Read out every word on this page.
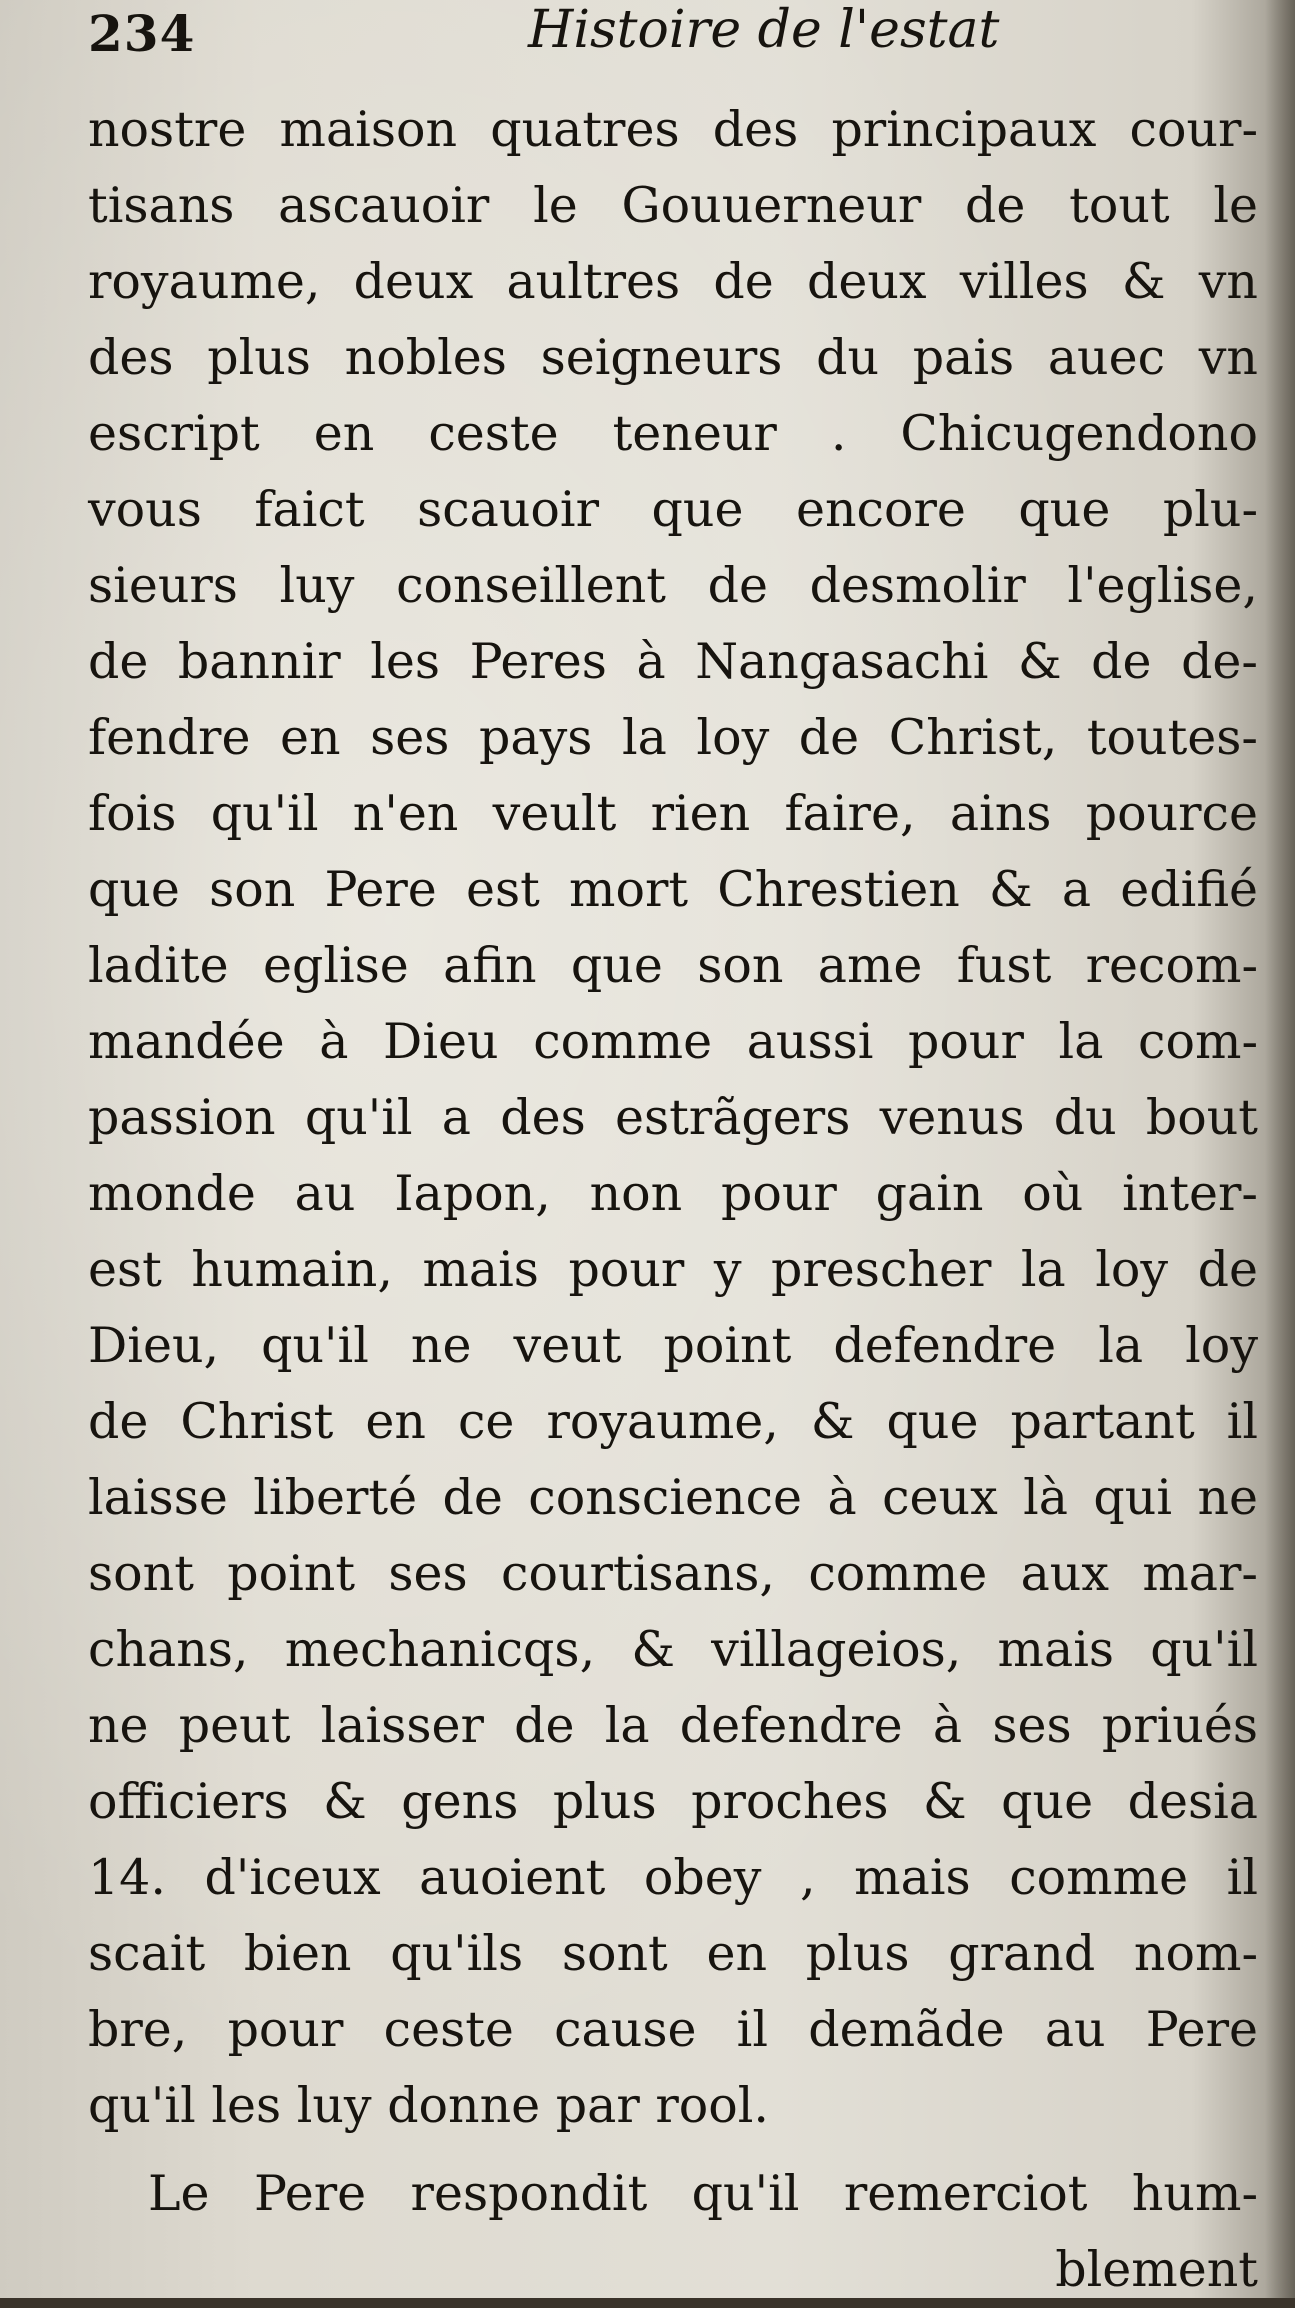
234	Histoire de l'estat
nostre maison quatres des principaux cour-
tisans ascauoir le Gouuerneur de tout le
royaume, deux aultres de deux villes & vn
des plus nobles seigneurs du pais auec vn
escript en ceste teneur . Chicugendono
vous faict scauoir que encore que plu-
sieurs luy conseillent de desmolir l'eglise,
de bannir les Peres à Nangasachi & de de-
fendre en ses pays la loy de Christ, toutes-
fois qu'il n'en veult rien faire, ains pource
que son Pere est mort Chrestien & a edifié
ladite eglise afin que son ame fust recom-
mandée à Dieu comme aussi pour la com-
passion qu'il a des estrãgers venus du bout
monde au Iapon, non pour gain où inter-
est humain, mais pour y prescher la loy de
Dieu, qu'il ne veut point defendre la loy
de Christ en ce royaume, & que partant il
laisse liberté de conscience à ceux là qui ne
sont point ses courtisans, comme aux mar-
chans, mechanicqs, & villageios, mais qu'il
ne peut laisser de la defendre à ses priués
officiers & gens plus proches & que desia
14. d'iceux auoient obey , mais comme il
scait bien qu'ils sont en plus grand nom-
bre, pour ceste cause il demãde au Pere
qu'il les luy donne par rool.
Le Pere respondit qu'il remerciot hum-
blement
